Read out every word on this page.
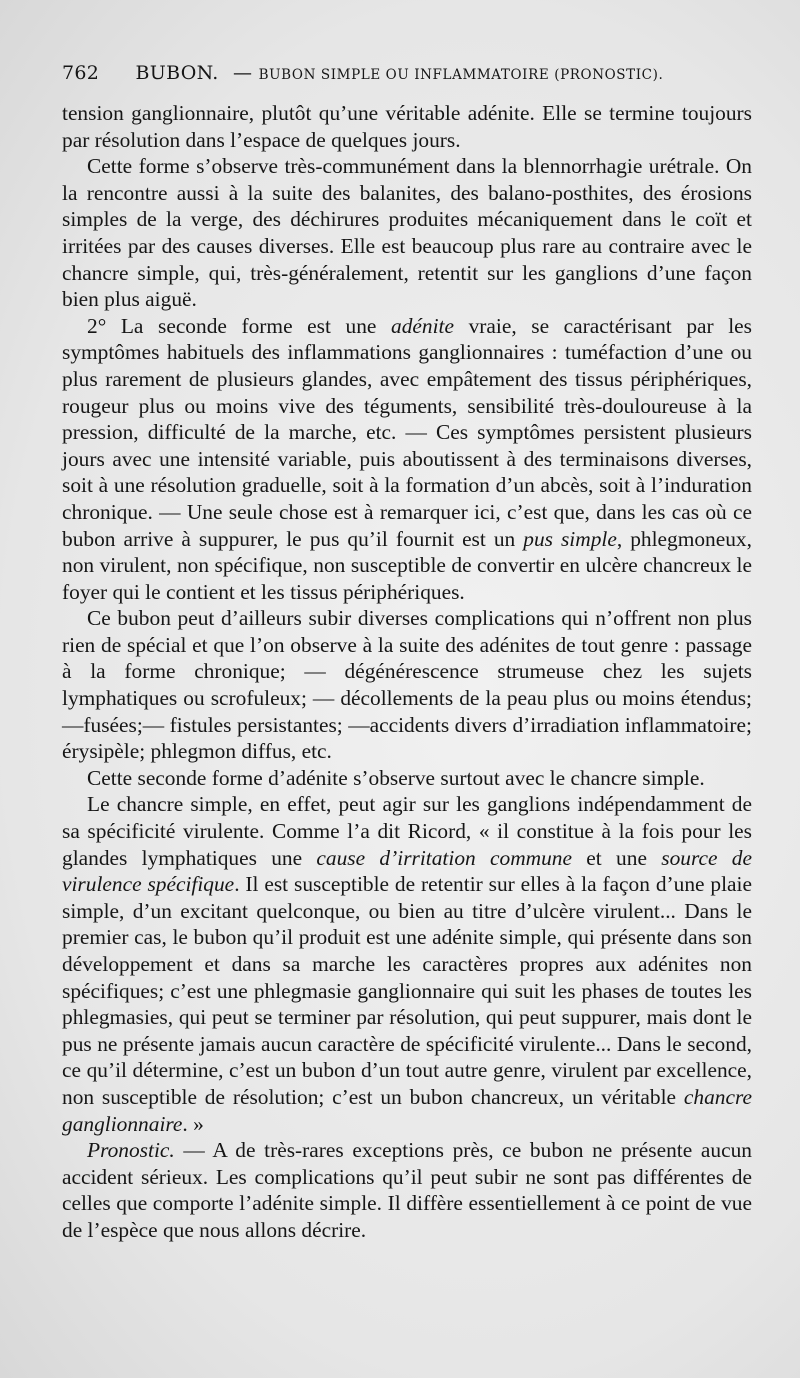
762 BUBON. — BUBON SIMPLE OU INFLAMMATOIRE (PRONOSTIC).

tension ganglionnaire, plutôt qu’une véritable adénite. Elle se termine toujours par résolution dans l’espace de quelques jours.

Cette forme s’observe très-communément dans la blennorrhagie urétrale. On la rencontre aussi à la suite des balanites, des balano-posthites, des érosions simples de la verge, des déchirures produites mécaniquement dans le coït et irritées par des causes diverses. Elle est beaucoup plus rare au contraire avec le chancre simple, qui, très-généralement, retentit sur les ganglions d’une façon bien plus aiguë.

2° La seconde forme est une adénite vraie, se caractérisant par les symptômes habituels des inflammations ganglionnaires : tuméfaction d’une ou plus rarement de plusieurs glandes, avec empâtement des tissus périphériques, rougeur plus ou moins vive des téguments, sensibilité très-douloureuse à la pression, difficulté de la marche, etc. — Ces symptômes persistent plusieurs jours avec une intensité variable, puis aboutissent à des terminaisons diverses, soit à une résolution graduelle, soit à la formation d’un abcès, soit à l’induration chronique. — Une seule chose est à remarquer ici, c’est que, dans les cas où ce bubon arrive à suppurer, le pus qu’il fournit est un pus simple, phlegmoneux, non virulent, non spécifique, non susceptible de convertir en ulcère chancreux le foyer qui le contient et les tissus périphériques.

Ce bubon peut d’ailleurs subir diverses complications qui n’offrent non plus rien de spécial et que l’on observe à la suite des adénites de tout genre : passage à la forme chronique; — dégénérescence strumeuse chez les sujets lymphatiques ou scrofuleux; — décollements de la peau plus ou moins étendus;—fusées;— fistules persistantes; —accidents divers d’irradiation inflammatoire; érysipèle; phlegmon diffus, etc.

Cette seconde forme d’adénite s’observe surtout avec le chancre simple.

Le chancre simple, en effet, peut agir sur les ganglions indépendamment de sa spécificité virulente. Comme l’a dit Ricord, « il constitue à la fois pour les glandes lymphatiques une cause d’irritation commune et une source de virulence spécifique. Il est susceptible de retentir sur elles à la façon d’une plaie simple, d’un excitant quelconque, ou bien au titre d’ulcère virulent... Dans le premier cas, le bubon qu’il produit est une adénite simple, qui présente dans son développement et dans sa marche les caractères propres aux adénites non spécifiques; c’est une phlegmasie ganglionnaire qui suit les phases de toutes les phlegmasies, qui peut se terminer par résolution, qui peut suppurer, mais dont le pus ne présente jamais aucun caractère de spécificité virulente... Dans le second, ce qu’il détermine, c’est un bubon d’un tout autre genre, virulent par excellence, non susceptible de résolution; c’est un bubon chancreux, un véritable chancre ganglionnaire. »

Pronostic. — A de très-rares exceptions près, ce bubon ne présente aucun accident sérieux. Les complications qu’il peut subir ne sont pas différentes de celles que comporte l’adénite simple. Il diffère essentiellement à ce point de vue de l’espèce que nous allons décrire.
